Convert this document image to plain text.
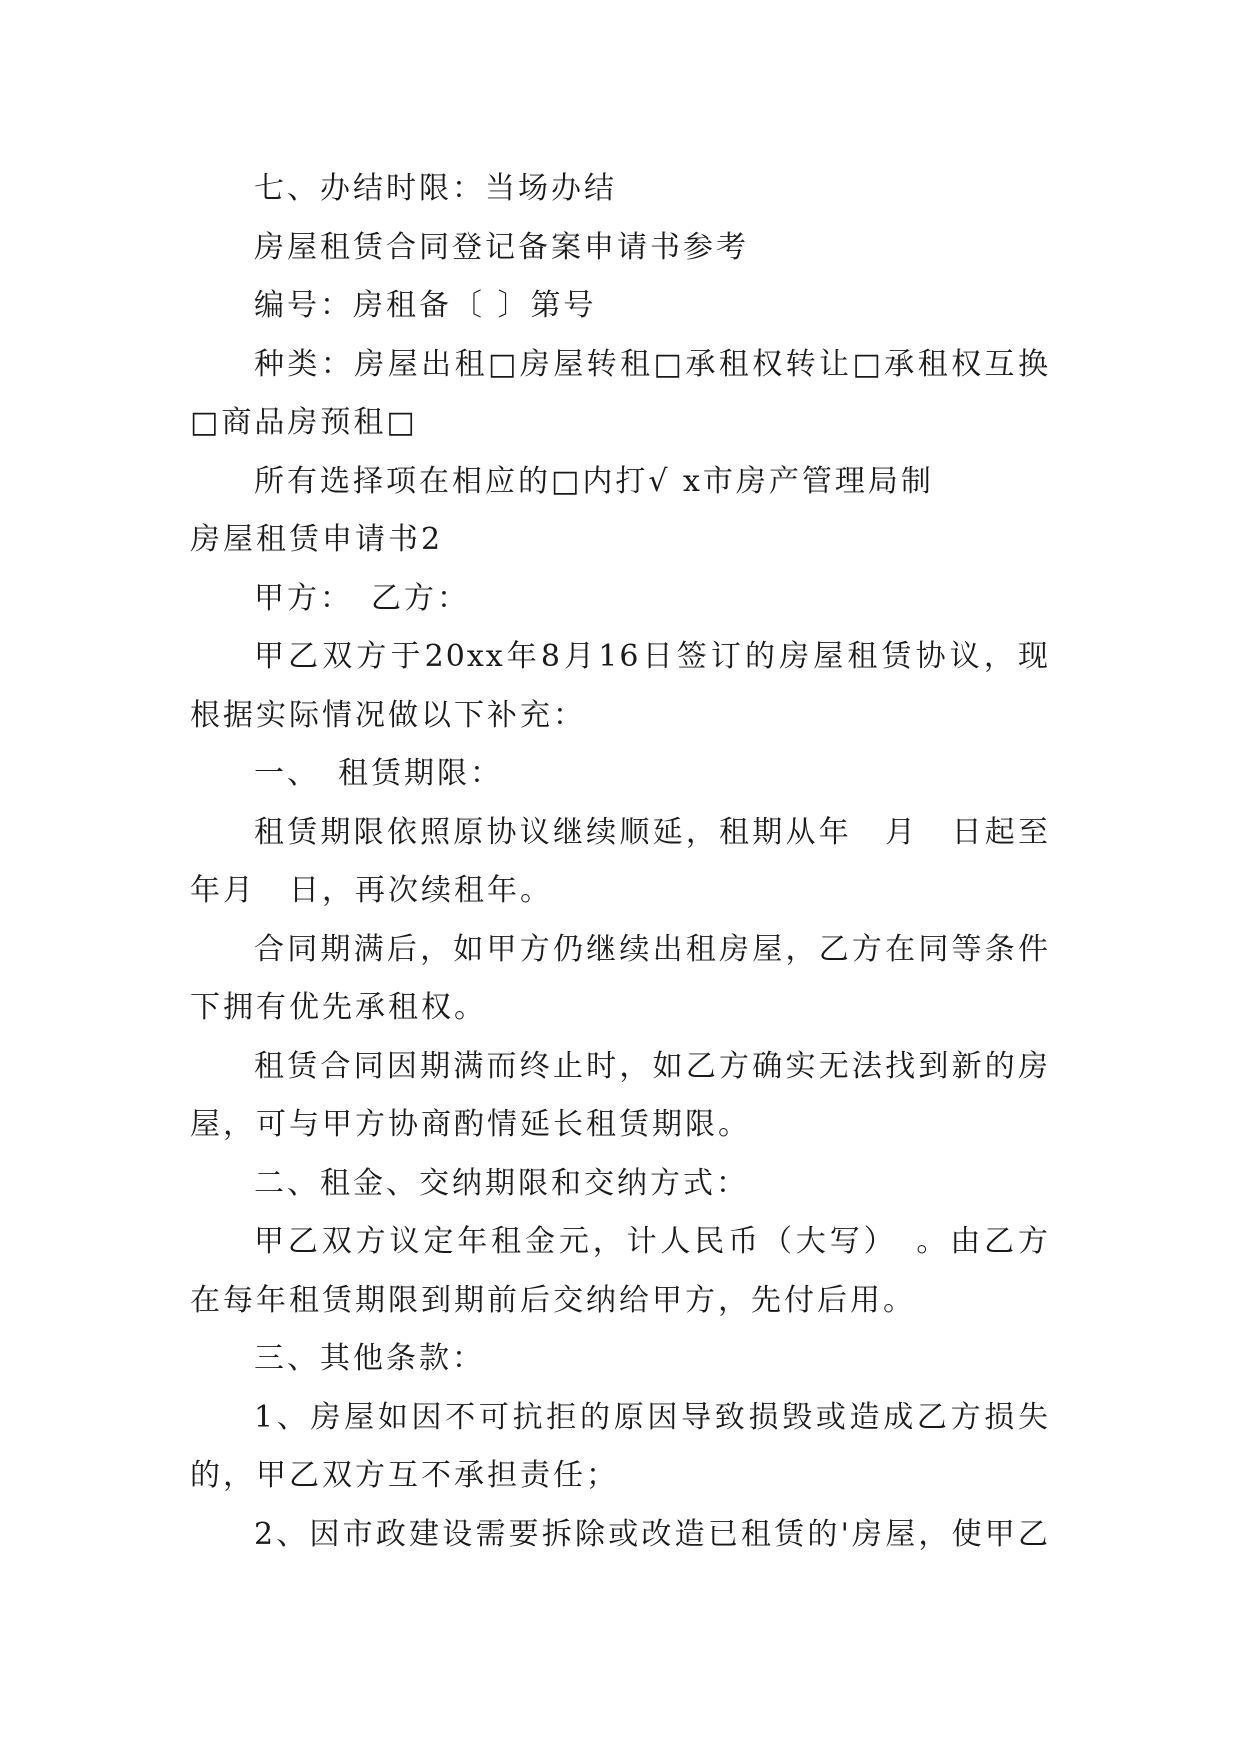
七、办结时限：当场办结
房屋租赁合同登记备案申请书参考
编号：房租备〔 〕第号
种类：房屋出租□房屋转租□承租权转让□承租权互换
□商品房预租□
所有选择项在相应的□内打√ x市房产管理局制
房屋租赁申请书2
甲方：　乙方：
甲乙双方于20xx年8月16日签订的房屋租赁协议，现
根据实际情况做以下补充：
一、　租赁期限：
租赁期限依照原协议继续顺延，租期从年　月　日起至
年月　日，再次续租年。
合同期满后，如甲方仍继续出租房屋，乙方在同等条件
下拥有优先承租权。
租赁合同因期满而终止时，如乙方确实无法找到新的房
屋，可与甲方协商酌情延长租赁期限。
二、租金、交纳期限和交纳方式：
甲乙双方议定年租金元，计人民币（大写）　。由乙方
在每年租赁期限到期前后交纳给甲方，先付后用。
三、其他条款：
1、房屋如因不可抗拒的原因导致损毁或造成乙方损失
的，甲乙双方互不承担责任；
2、因市政建设需要拆除或改造已租赁的'房屋，使甲乙
